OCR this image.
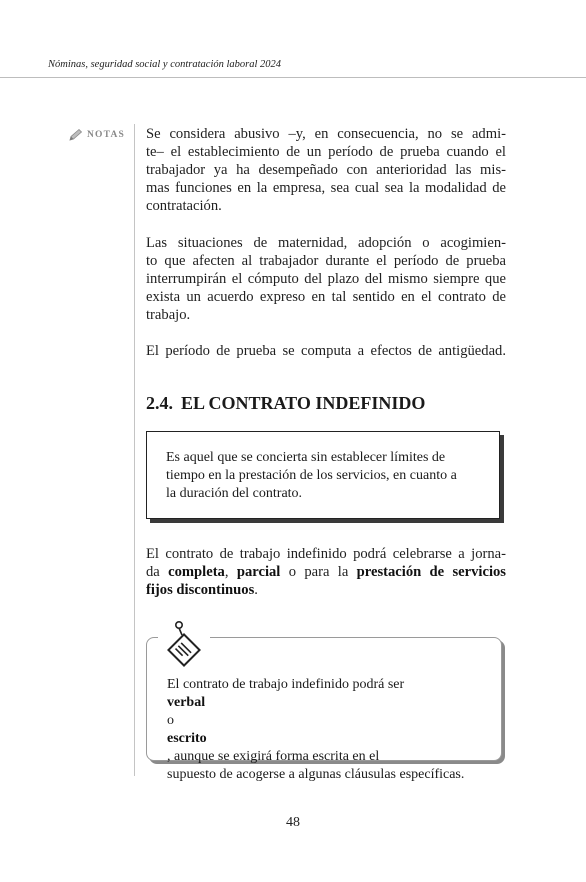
Nóminas, seguridad social y contratación laboral 2024
NOTAS Se considera abusivo –y, en consecuencia, no se admi-
te– el establecimiento de un período de prueba cuando el
trabajador ya ha desempeñado con anterioridad las mis-
mas funciones en la empresa, sea cual sea la modalidad de
contratación.

Las situaciones de maternidad, adopción o acogimien-
to que afecten al trabajador durante el período de prueba
interrumpirán el cómputo del plazo del mismo siempre que
exista un acuerdo expreso en tal sentido en el contrato de
trabajo.

El período de prueba se computa a efectos de antigüedad.

2.4. EL CONTRATO INDEFINIDO
Es aquel que se concierta sin establecer límites de
tiempo en la prestación de los servicios, en cuanto a
la duración del contrato.

El contrato de trabajo indefinido podrá celebrarse a jorna-
da completa, parcial o para la prestación de servicios
fijos discontinuos.

El contrato de trabajo indefinido podrá ser
verbal
o
escrito
, aunque se exigirá forma escrita en el
supuesto de acogerse a algunas cláusulas específicas.
48
